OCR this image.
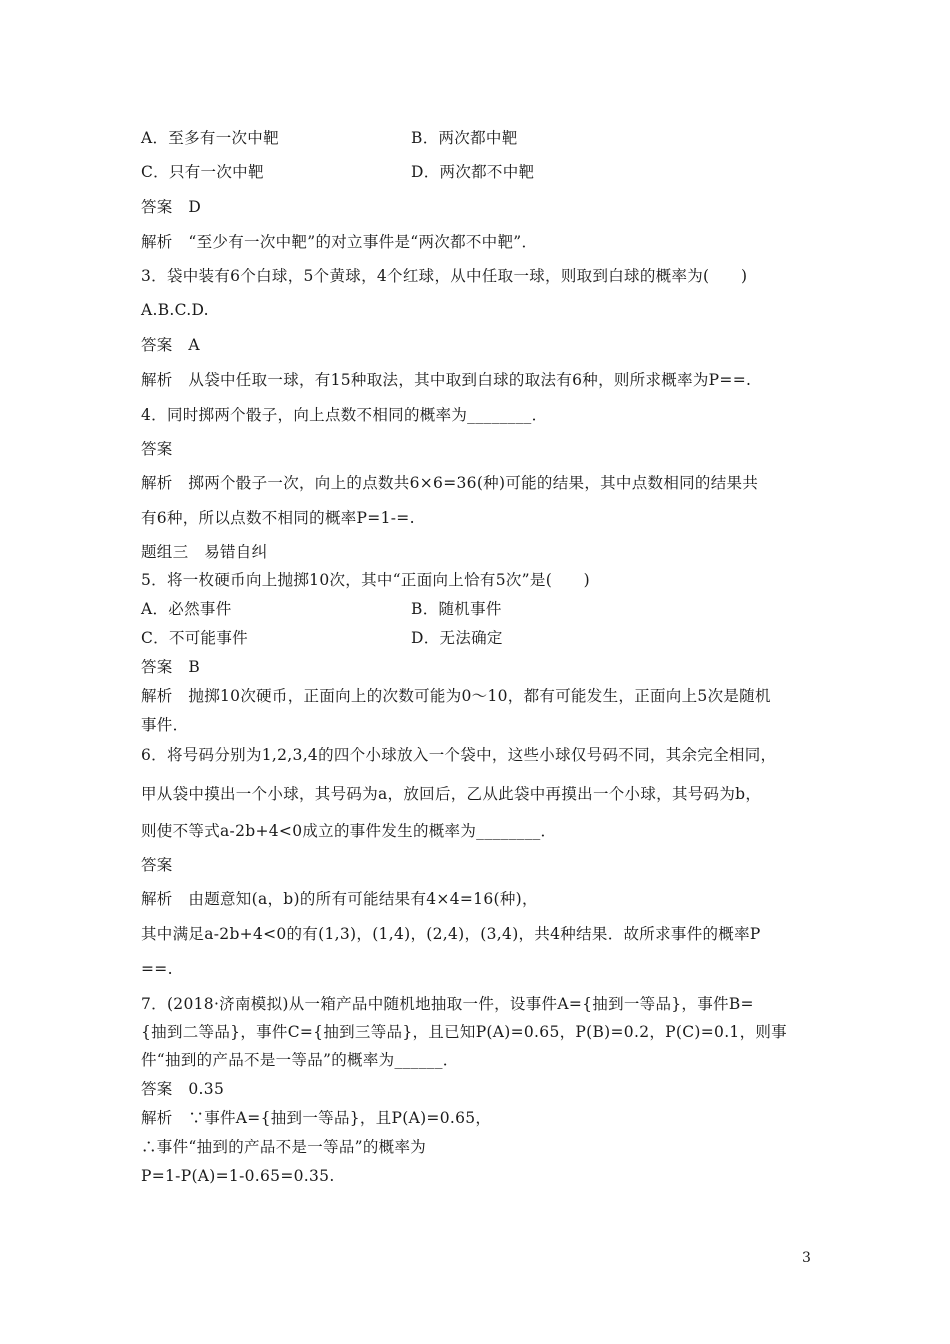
A．至多有一次中靶	B．两次都中靶
C．只有一次中靶	D．两次都不中靶
答案　D
解析　“至少有一次中靶”的对立事件是“两次都不中靶”．
3．袋中装有6个白球，5个黄球，4个红球，从中任取一球，则取到白球的概率为(　　)
A.B.C.D.
答案　A
解析　从袋中任取一球，有15种取法，其中取到白球的取法有6种，则所求概率为P==.
4．同时掷两个骰子，向上点数不相同的概率为________．
答案
解析　掷两个骰子一次，向上的点数共6×6=36(种)可能的结果，其中点数相同的结果共
有6种，所以点数不相同的概率P=1-=.
题组三　易错自纠
5．将一枚硬币向上抛掷10次，其中“正面向上恰有5次”是(　　)
A．必然事件	B．随机事件
C．不可能事件	D．无法确定
答案　B
解析　抛掷10次硬币，正面向上的次数可能为0～10，都有可能发生，正面向上5次是随机
事件．
6．将号码分别为1,2,3,4的四个小球放入一个袋中，这些小球仅号码不同，其余完全相同，
甲从袋中摸出一个小球，其号码为a，放回后，乙从此袋中再摸出一个小球，其号码为b，
则使不等式a-2b+4<0成立的事件发生的概率为________．
答案
解析　由题意知(a，b)的所有可能结果有4×4=16(种)，
其中满足a-2b+4<0的有(1,3)，(1,4)，(2,4)，(3,4)，共4种结果．故所求事件的概率P
==.
7．(2018·济南模拟)从一箱产品中随机地抽取一件，设事件A={抽到一等品}，事件B=
{抽到二等品}，事件C={抽到三等品}，且已知P(A)=0.65，P(B)=0.2，P(C)=0.1，则事
件“抽到的产品不是一等品”的概率为______．
答案　0.35
解析　∵事件A={抽到一等品}，且P(A)=0.65，
∴事件“抽到的产品不是一等品”的概率为
P=1-P(A)=1-0.65=0.35.
3
